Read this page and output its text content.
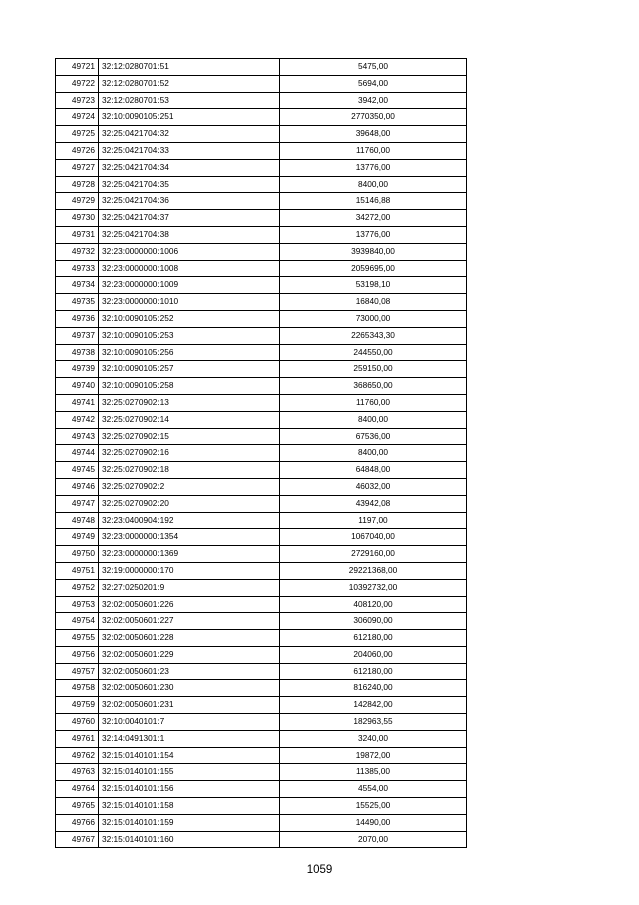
49721	32:12:0280701:51	5475,00
49722	32:12:0280701:52	5694,00
49723	32:12:0280701:53	3942,00
49724	32:10:0090105:251	2770350,00
49725	32:25:0421704:32	39648,00
49726	32:25:0421704:33	11760,00
49727	32:25:0421704:34	13776,00
49728	32:25:0421704:35	8400,00
49729	32:25:0421704:36	15146,88
49730	32:25:0421704:37	34272,00
49731	32:25:0421704:38	13776,00
49732	32:23:0000000:1006	3939840,00
49733	32:23:0000000:1008	2059695,00
49734	32:23:0000000:1009	53198,10
49735	32:23:0000000:1010	16840,08
49736	32:10:0090105:252	73000,00
49737	32:10:0090105:253	2265343,30
49738	32:10:0090105:256	244550,00
49739	32:10:0090105:257	259150,00
49740	32:10:0090105:258	368650,00
49741	32:25:0270902:13	11760,00
49742	32:25:0270902:14	8400,00
49743	32:25:0270902:15	67536,00
49744	32:25:0270902:16	8400,00
49745	32:25:0270902:18	64848,00
49746	32:25:0270902:2	46032,00
49747	32:25:0270902:20	43942,08
49748	32:23:0400904:192	1197,00
49749	32:23:0000000:1354	1067040,00
49750	32:23:0000000:1369	2729160,00
49751	32:19:0000000:170	29221368,00
49752	32:27:0250201:9	10392732,00
49753	32:02:0050601:226	408120,00
49754	32:02:0050601:227	306090,00
49755	32:02:0050601:228	612180,00
49756	32:02:0050601:229	204060,00
49757	32:02:0050601:23	612180,00
49758	32:02:0050601:230	816240,00
49759	32:02:0050601:231	142842,00
49760	32:10:0040101:7	182963,55
49761	32:14:0491301:1	3240,00
49762	32:15:0140101:154	19872,00
49763	32:15:0140101:155	11385,00
49764	32:15:0140101:156	4554,00
49765	32:15:0140101:158	15525,00
49766	32:15:0140101:159	14490,00
49767	32:15:0140101:160	2070,00
1059
